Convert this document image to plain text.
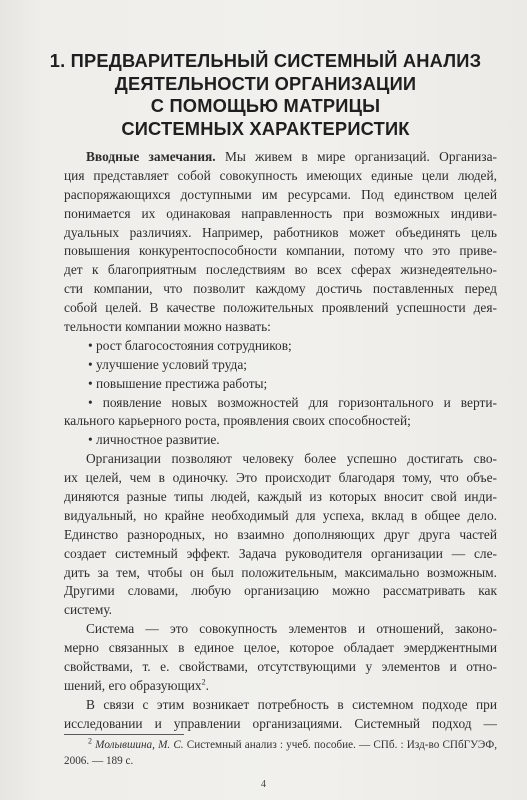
1. ПРЕДВАРИТЕЛЬНЫЙ СИСТЕМНЫЙ АНАЛИЗ
ДЕЯТЕЛЬНОСТИ ОРГАНИЗАЦИИ
С ПОМОЩЬЮ МАТРИЦЫ
СИСТЕМНЫХ ХАРАКТЕРИСТИК
Вводные замечания. Мы живем в мире организаций. Организа-
ция представляет собой совокупность имеющих единые цели людей,
распоряжающихся доступными им ресурсами. Под единством целей
понимается их одинаковая направленность при возможных индиви-
дуальных различиях. Например, работников может объединять цель
повышения конкурентоспособности компании, потому что это приве-
дет к благоприятным последствиям во всех сферах жизнедеятельно-
сти компании, что позволит каждому достичь поставленных перед
собой целей. В качестве положительных проявлений успешности дея-
тельности компании можно назвать:
• рост благосостояния сотрудников;
• улучшение условий труда;
• повышение престижа работы;
• появление новых возможностей для горизонтального и верти-
кального карьерного роста, проявления своих способностей;
• личностное развитие.
Организации позволяют человеку более успешно достигать сво-
их целей, чем в одиночку. Это происходит благодаря тому, что объе-
диняются разные типы людей, каждый из которых вносит свой инди-
видуальный, но крайне необходимый для успеха, вклад в общее дело.
Единство разнородных, но взаимно дополняющих друг друга частей
создает системный эффект. Задача руководителя организации — сле-
дить за тем, чтобы он был положительным, максимально возможным.
Другими словами, любую организацию можно рассматривать как
систему.
Система — это совокупность элементов и отношений, законо-
мерно связанных в единое целое, которое обладает эмерджентными
свойствами, т. е. свойствами, отсутствующими у элементов и отно-
шений, его образующих$^2$.
В связи с этим возникает потребность в системном подходе при
исследовании и управлении организациями. Системный подход —
$^2$ Молывшина, М. С. Системный анализ : учеб. пособие. — СПб. : Изд-во СПбГУЭФ,
2006. — 189 с.
4
